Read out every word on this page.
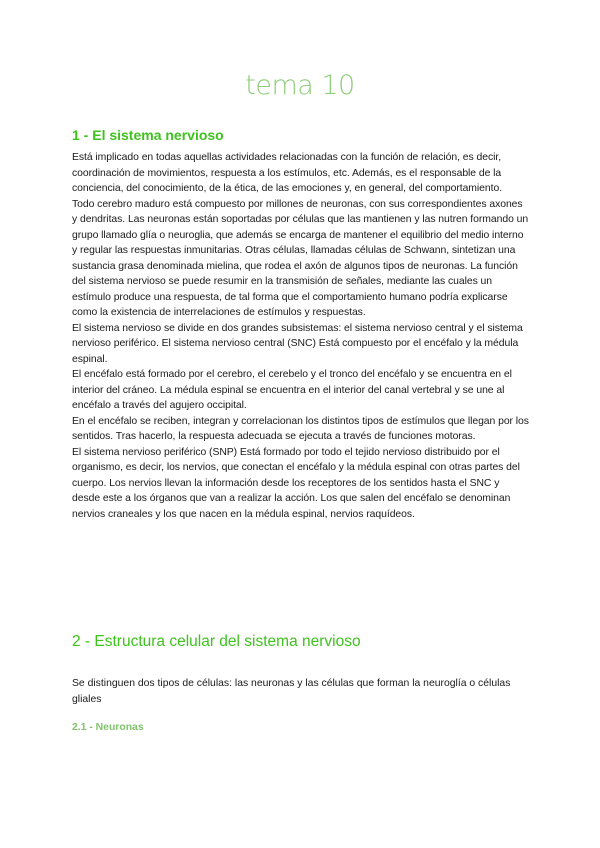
tema 10
1 - El sistema nervioso

Está implicado en todas aquellas actividades relacionadas con la función de relación, es decir, coordinación de movimientos, respuesta a los estímulos, etc. Además, es el responsable de la conciencia, del conocimiento, de la ética, de las emociones y, en general, del comportamiento.

Todo cerebro maduro está compuesto por millones de neuronas, con sus correspondientes axones y dendritas. Las neuronas están soportadas por células que las mantienen y las nutren formando un grupo llamado glía o neuroglia, que además se encarga de mantener el equilibrio del medio interno y regular las respuestas inmunitarias. Otras células, llamadas células de Schwann, sintetizan una sustancia grasa denominada mielina, que rodea el axón de algunos tipos de neuronas. La función del sistema nervioso se puede resumir en la transmisión de señales, mediante las cuales un estímulo produce una respuesta, de tal forma que el comportamiento humano podría explicarse como la existencia de interrelaciones de estímulos y respuestas.

El sistema nervioso se divide en dos grandes subsistemas: el sistema nervioso central y el sistema nervioso periférico. El sistema nervioso central (SNC) Está compuesto por el encéfalo y la médula espinal.

El encéfalo está formado por el cerebro, el cerebelo y el tronco del encéfalo y se encuentra en el interior del cráneo. La médula espinal se encuentra en el interior del canal vertebral y se une al encéfalo a través del agujero occipital.

En el encéfalo se reciben, integran y correlacionan los distintos tipos de estímulos que llegan por los sentidos. Tras hacerlo, la respuesta adecuada se ejecuta a través de funciones motoras.

El sistema nervioso periférico (SNP) Está formado por todo el tejido nervioso distribuido por el organismo, es decir, los nervios, que conectan el encéfalo y la médula espinal con otras partes del cuerpo. Los nervios llevan la información desde los receptores de los sentidos hasta el SNC y desde este a los órganos que van a realizar la acción. Los que salen del encéfalo se denominan nervios craneales y los que nacen en la médula espinal, nervios raquídeos.

2 - Estructura celular del sistema nervioso
Se distinguen dos tipos de células: las neuronas y las células que forman la neuroglía o células gliales
2.1 - Neuronas
